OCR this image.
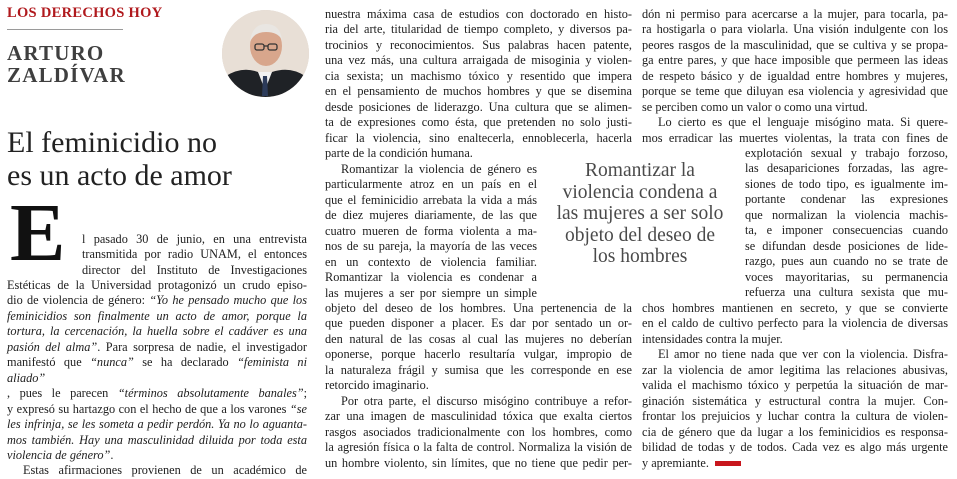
LOS DERECHOS HOY
ARTURO
ZALDÍVAR
El feminicidio no
es un acto de amor
E l pasado 30 de junio, en una entrevista

transmitida por radio UNAM, el entonces

director del Instituto de Investigaciones

Estéticas de la Universidad protagonizó un crudo episo-

dio de violencia de género: “Yo he pensado mucho que los

feminicidios son finalmente un acto de amor, porque la

tortura, la cercenación, la huella sobre el cadáver es una

pasión del alma”. Para sorpresa de nadie, el investigador

manifestó que “nunca” se ha declarado “feminista ni aliado”

, pues le parecen “términos absolutamente banales”;

y expresó su hartazgo con el hecho de que a los varones “se

les infrinja, se les someta a pedir perdón. Ya no lo aguanta-

mos también. Hay una masculinidad diluida por toda esta

violencia de género”.

Estas afirmaciones provienen de un académico de

nuestra máxima casa de estudios con doctorado en histo-

ria del arte, titularidad de tiempo completo, y diversos pa-

trocinios y reconocimientos. Sus palabras hacen patente,

una vez más, una cultura arraigada de misoginia y violen-

cia sexista; un machismo tóxico y resentido que impera

en el pensamiento de muchos hombres y que se disemina

desde posiciones de liderazgo. Una cultura que se alimen-

ta de expresiones como ésta, que pretenden no solo justi-

ficar la violencia, sino enaltecerla, ennoblecerla, hacerla

parte de la condición humana.

Romantizar la violencia de género es

particularmente atroz en un país en el

que el feminicidio arrebata la vida a más

de diez mujeres diariamente, de las que

cuatro mueren de forma violenta a ma-

nos de su pareja, la mayoría de las veces

en un contexto de violencia familiar.

Romantizar la violencia es condenar a

las mujeres a ser por siempre un simple

objeto del deseo de los hombres. Una pertenencia de la

que pueden disponer a placer. Es dar por sentado un or-

den natural de las cosas al cual las mujeres no deberían

oponerse, porque hacerlo resultaría vulgar, impropio de

la naturaleza frágil y sumisa que les corresponde en ese

retorcido imaginario.

Por otra parte, el discurso misógino contribuye a refor-

zar una imagen de masculinidad tóxica que exalta ciertos

rasgos asociados tradicionalmente con los hombres, como

la agresión física o la falta de control. Normaliza la visión de

un hombre violento, sin límites, que no tiene que pedir per-

Romantizar la
violencia condena a
las mujeres a ser solo
objeto del deseo de
los hombres

dón ni permiso para acercarse a la mujer, para tocarla, pa-

ra hostigarla o para violarla. Una visión indulgente con los

peores rasgos de la masculinidad, que se cultiva y se propa-

ga entre pares, y que hace imposible que permeen las ideas

de respeto básico y de igualdad entre hombres y mujeres,

porque se teme que diluyan esa violencia y agresividad que

se perciben como un valor o como una virtud.

Lo cierto es que el lenguaje misógino mata. Si quere-

mos erradicar las muertes violentas, la trata con fines de

explotación sexual y trabajo forzoso,

las desapariciones forzadas, las agre-

siones de todo tipo, es igualmente im-

portante condenar las expresiones

que normalizan la violencia machis-

ta, e imponer consecuencias cuando

se difundan desde posiciones de lide-

razgo, pues aun cuando no se trate de

voces mayoritarias, su permanencia

refuerza una cultura sexista que mu-

chos hombres mantienen en secreto, y que se convierte

en el caldo de cultivo perfecto para la violencia de diversas

intensidades contra la mujer.

El amor no tiene nada que ver con la violencia. Disfra-

zar la violencia de amor legitima las relaciones abusivas,

valida el machismo tóxico y perpetúa la situación de mar-

ginación sistemática y estructural contra la mujer. Con-

frontar los prejuicios y luchar contra la cultura de violen-

cia de género que da lugar a los feminicidios es responsa-

bilidad de todas y de todos. Cada vez es algo más urgente

y apremiante.
